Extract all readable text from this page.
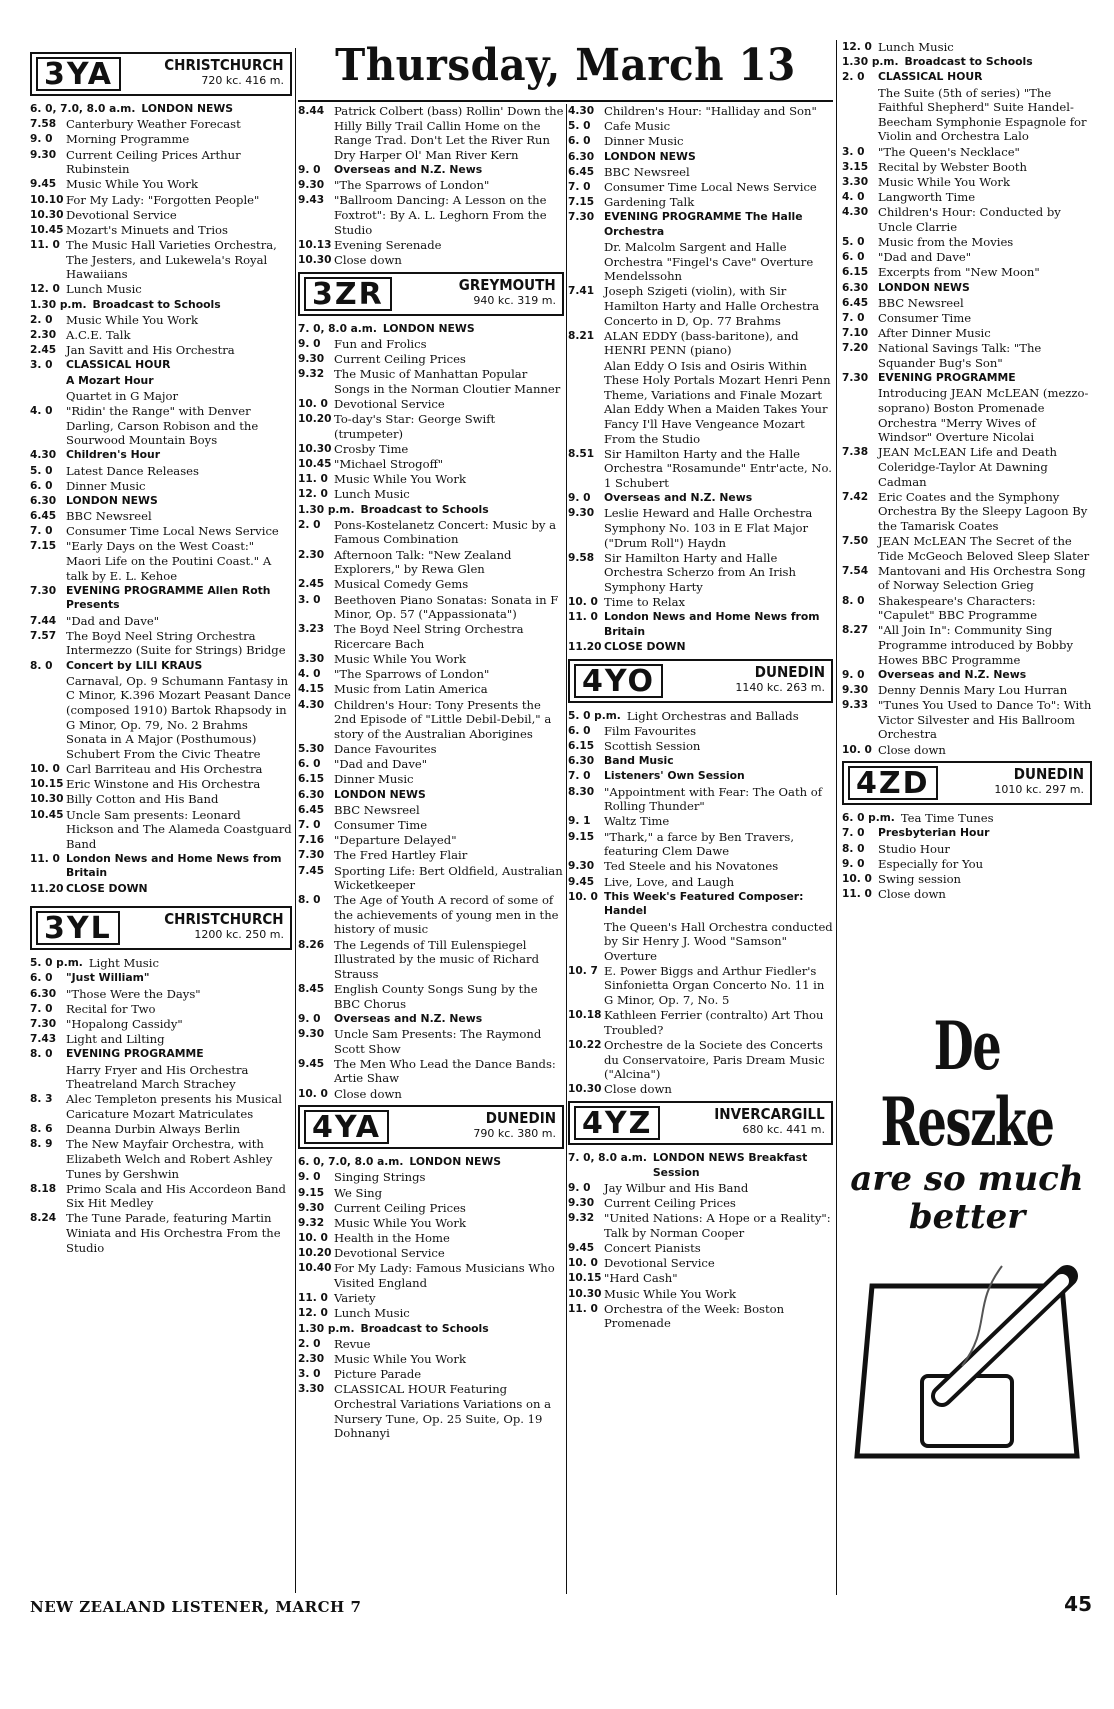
Thursday, March 13
3YA	CHRISTCHURCH
720 kc. 416 m.
6. 0, 7.0, 8.0 a.m. LONDON NEWS
7.58 Canterbury Weather Forecast
9. 0	Morning Programme
9.30 Current Ceiling Prices Arthur Rubinstein
9.45 Music While You Work
10.10 For My Lady: "Forgotten People"
10.30 Devotional Service
10.45 Mozart's Minuets and Trios
11. 0 The Music Hall Varieties Orchestra, The Jesters, and Lukewela's Royal Hawaiians
12. 0 Lunch Music
1.30 p.m. Broadcast to Schools
2. 0	Music While You Work
2.30 A.C.E. Talk
2.45 Jan Savitt and His Orchestra
3. 0	CLASSICAL HOUR
A Mozart Hour
Quartet in G Major
4. 0	"Ridin' the Range" with Denver Darling, Carson Robison and the Sourwood Mountain Boys
4.30 Children's Hour
5. 0	Latest Dance Releases
6. 0	Dinner Music
6.30 LONDON NEWS
6.45 BBC Newsreel
7. 0	Consumer Time Local News Service
7.15 "Early Days on the West Coast:" Maori Life on the Poutini Coast." A talk by E. L. Kehoe
7.30 EVENING PROGRAMME Allen Roth Presents
7.44 "Dad and Dave"
7.57 The Boyd Neel String Orchestra Intermezzo (Suite for Strings) Bridge
8. 0	Concert by LILI KRAUS
Carnaval, Op. 9 Schumann Fantasy in C Minor, K.396 Mozart Peasant Dance (composed 1910) Bartok Rhapsody in G Minor, Op. 79, No. 2 Brahms Sonata in A Major (Posthumous) Schubert From the Civic Theatre
10. 0 Carl Barriteau and His Orchestra
10.15 Eric Winstone and His Orchestra
10.30 Billy Cotton and His Band
10.45 Uncle Sam presents: Leonard Hickson and The Alameda Coastguard Band
11. 0 London News and Home News from Britain
11.20 CLOSE DOWN
3YL	CHRISTCHURCH
1200 kc. 250 m.
5. 0 p.m. Light Music
6. 0	"Just William"
6.30 "Those Were the Days"
7. 0	Recital for Two
7.30 "Hopalong Cassidy"
7.43 Light and Lilting
8. 0	EVENING PROGRAMME
Harry Fryer and His Orchestra Theatreland March Strachey
8. 3	Alec Templeton presents his Musical Caricature Mozart Matriculates
8. 6	Deanna Durbin Always Berlin
8. 9	The New Mayfair Orchestra, with Elizabeth Welch and Robert Ashley Tunes by Gershwin
8.18 Primo Scala and His Accordeon Band Six Hit Medley
8.24 The Tune Parade, featuring Martin Winiata and His Orchestra From the Studio
8.44 Patrick Colbert (bass) Rollin' Down the Hilly Billy Trail Callin Home on the Range Trad. Don't Let the River Run Dry Harper Ol' Man River Kern
9. 0	Overseas and N.Z. News
9.30 "The Sparrows of London"
9.43 "Ballroom Dancing: A Lesson on the Foxtrot": By A. L. Leghorn From the Studio
10.13 Evening Serenade
10.30 Close down
3ZR	GREYMOUTH
940 kc. 319 m.
7. 0, 8.0 a.m. LONDON NEWS
9. 0	Fun and Frolics
9.30 Current Ceiling Prices
9.32 The Music of Manhattan Popular Songs in the Norman Cloutier Manner
10. 0 Devotional Service
10.20 To-day's Star: George Swift (trumpeter)
10.30 Crosby Time
10.45 "Michael Strogoff"
11. 0 Music While You Work
12. 0 Lunch Music
1.30 p.m. Broadcast to Schools
2. 0	Pons-Kostelanetz Concert: Music by a Famous Combination
2.30 Afternoon Talk: "New Zealand Explorers," by Rewa Glen
2.45 Musical Comedy Gems
3. 0	Beethoven Piano Sonatas: Sonata in F Minor, Op. 57 ("Appassionata")
3.23 The Boyd Neel String Orchestra Ricercare Bach
3.30 Music While You Work
4. 0	"The Sparrows of London"
4.15 Music from Latin America
4.30 Children's Hour: Tony Presents the 2nd Episode of "Little Debil-Debil," a story of the Australian Aborigines
5.30 Dance Favourites
6. 0	"Dad and Dave"
6.15 Dinner Music
6.30 LONDON NEWS
6.45 BBC Newsreel
7. 0	Consumer Time
7.16 "Departure Delayed"
7.30 The Fred Hartley Flair
7.45 Sporting Life: Bert Oldfield, Australian Wicketkeeper
8. 0	The Age of Youth A record of some of the achievements of young men in the history of music
8.26 The Legends of Till Eulenspiegel Illustrated by the music of Richard Strauss
8.45 English County Songs Sung by the BBC Chorus
9. 0	Overseas and N.Z. News
9.30 Uncle Sam Presents: The Raymond Scott Show
9.45 The Men Who Lead the Dance Bands: Artie Shaw
10. 0 Close down
4YA	DUNEDIN
790 kc. 380 m.
6. 0, 7.0, 8.0 a.m. LONDON NEWS
9. 0	Singing Strings
9.15 We Sing
9.30 Current Ceiling Prices
9.32 Music While You Work
10. 0 Health in the Home
10.20 Devotional Service
10.40 For My Lady: Famous Musicians Who Visited England
11. 0 Variety
12. 0 Lunch Music
1.30 p.m. Broadcast to Schools
2. 0	Revue
2.30 Music While You Work
3. 0	Picture Parade
3.30 CLASSICAL HOUR Featuring Orchestral Variations Variations on a Nursery Tune, Op. 25 Suite, Op. 19 Dohnanyi
4.30 Children's Hour: "Halliday and Son"
5. 0	Cafe Music
6. 0	Dinner Music
6.30 LONDON NEWS
6.45 BBC Newsreel
7. 0	Consumer Time Local News Service
7.15 Gardening Talk
7.30 EVENING PROGRAMME The Halle Orchestra
Dr. Malcolm Sargent and Halle Orchestra "Fingel's Cave" Overture Mendelssohn
7.41 Joseph Szigeti (violin), with Sir Hamilton Harty and Halle Orchestra Concerto in D, Op. 77 Brahms
8.21 ALAN EDDY (bass-baritone), and HENRI PENN (piano)
Alan Eddy O Isis and Osiris Within These Holy Portals Mozart Henri Penn Theme, Variations and Finale Mozart Alan Eddy When a Maiden Takes Your Fancy I'll Have Vengeance Mozart From the Studio
8.51 Sir Hamilton Harty and the Halle Orchestra "Rosamunde" Entr'acte, No. 1 Schubert
9. 0	Overseas and N.Z. News
9.30 Leslie Heward and Halle Orchestra Symphony No. 103 in E Flat Major ("Drum Roll") Haydn
9.58 Sir Hamilton Harty and Halle Orchestra Scherzo from An Irish Symphony Harty
10. 0 Time to Relax
11. 0 London News and Home News from Britain
11.20 CLOSE DOWN
4YO	DUNEDIN
1140 kc. 263 m.
5. 0 p.m. Light Orchestras and Ballads
6. 0	Film Favourites
6.15 Scottish Session
6.30 Band Music
7. 0	Listeners' Own Session
8.30 "Appointment with Fear: The Oath of Rolling Thunder"
9. 1	Waltz Time
9.15 "Thark," a farce by Ben Travers, featuring Clem Dawe
9.30 Ted Steele and his Novatones
9.45 Live, Love, and Laugh
10. 0 This Week's Featured Composer: Handel
The Queen's Hall Orchestra conducted by Sir Henry J. Wood "Samson" Overture
10. 7 E. Power Biggs and Arthur Fiedler's Sinfonietta Organ Concerto No. 11 in G Minor, Op. 7, No. 5
10.18 Kathleen Ferrier (contralto) Art Thou Troubled?
10.22 Orchestre de la Societe des Concerts du Conservatoire, Paris Dream Music ("Alcina")
10.30 Close down
4YZ	INVERCARGILL
680 kc. 441 m.
7. 0, 8.0 a.m. LONDON NEWS Breakfast Session
9. 0	Jay Wilbur and His Band
9.30 Current Ceiling Prices
9.32 "United Nations: A Hope or a Reality": Talk by Norman Cooper
9.45 Concert Pianists
10. 0 Devotional Service
10.15 "Hard Cash"
10.30 Music While You Work
11. 0 Orchestra of the Week: Boston Promenade
12. 0 Lunch Music
1.30 p.m. Broadcast to Schools
2. 0	CLASSICAL HOUR
The Suite (5th of series) "The Faithful Shepherd" Suite Handel-Beecham Symphonie Espagnole for Violin and Orchestra Lalo
3. 0	"The Queen's Necklace"
3.15 Recital by Webster Booth
3.30 Music While You Work
4. 0	Langworth Time
4.30 Children's Hour: Conducted by Uncle Clarrie
5. 0	Music from the Movies
6. 0	"Dad and Dave"
6.15 Excerpts from "New Moon"
6.30 LONDON NEWS
6.45 BBC Newsreel
7. 0	Consumer Time
7.10 After Dinner Music
7.20 National Savings Talk: "The Squander Bug's Son"
7.30 EVENING PROGRAMME
Introducing JEAN McLEAN (mezzo-soprano) Boston Promenade Orchestra "Merry Wives of Windsor" Overture Nicolai
7.38 JEAN McLEAN Life and Death Coleridge-Taylor At Dawning Cadman
7.42 Eric Coates and the Symphony Orchestra By the Sleepy Lagoon By the Tamarisk Coates
7.50 JEAN McLEAN The Secret of the Tide McGeoch Beloved Sleep Slater
7.54 Mantovani and His Orchestra Song of Norway Selection Grieg
8. 0	Shakespeare's Characters: "Capulet" BBC Programme
8.27 "All Join In": Community Sing Programme introduced by Bobby Howes BBC Programme
9. 0	Overseas and N.Z. News
9.30 Denny Dennis Mary Lou Hurran
9.33 "Tunes You Used to Dance To": With Victor Silvester and His Ballroom Orchestra
10. 0 Close down
4ZD	DUNEDIN
1010 kc. 297 m.
6. 0 p.m. Tea Time Tunes
7. 0	Presbyterian Hour
8. 0	Studio Hour
9. 0	Especially for You
10. 0 Swing session
11. 0 Close down
De Reszke
are so much better
NEW ZEALAND LISTENER, MARCH 7	45
